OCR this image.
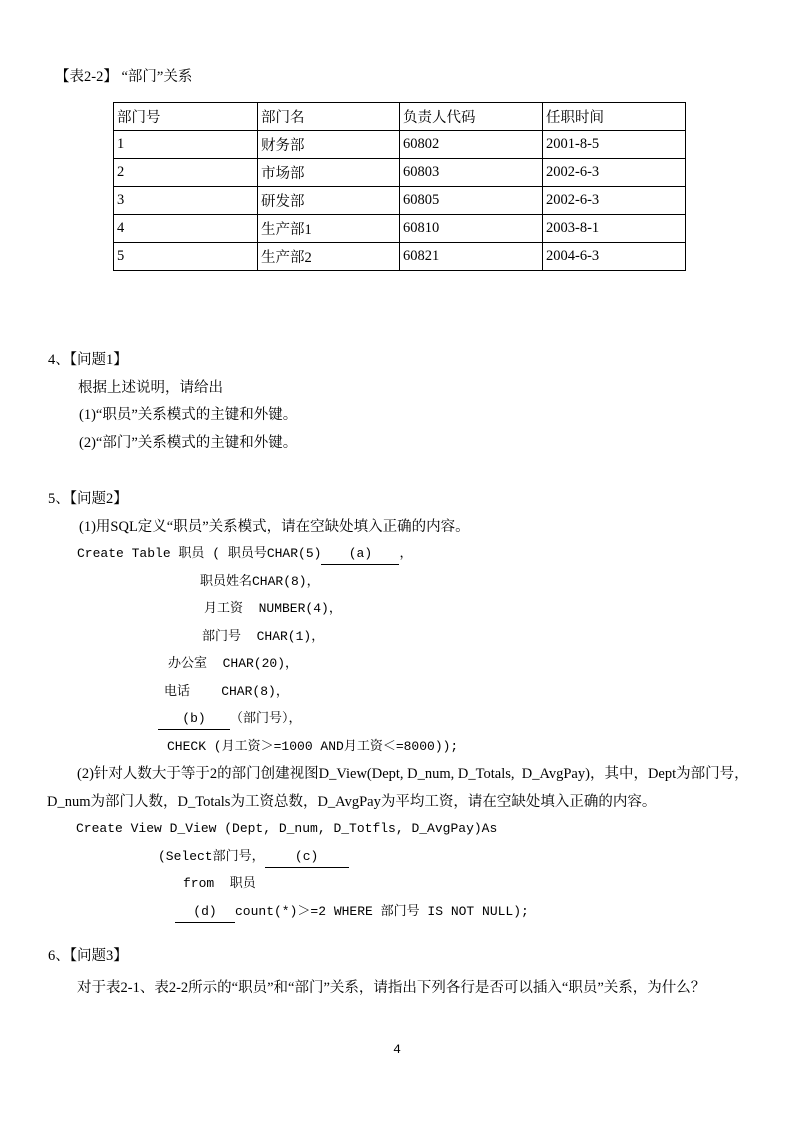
【表2-2】 “部门”关系
部门号	部门名	负责人代码	任职时间
1	财务部	60802	2001-8-5
2	市场部	60803	2002-6-3
3	研发部	60805	2002-6-3
4	生产部1	60810	2003-8-1
5	生产部2	60821	2004-6-3
4、【问题1】
根据上述说明，请给出
(1)“职员”关系模式的主键和外键。
(2)“部门”关系模式的主键和外键。
5、【问题2】
(1)用SQL定义“职员”关系模式，请在空缺处填入正确的内容。
Create Table 职员 ( 职员号CHAR(5) (a) ，
职员姓名CHAR(8)，
月工资  NUMBER(4)，
部门号  CHAR(1)，
办公室  CHAR(20)，
电话    CHAR(8)，
(b) （部门号），
CHECK (月工资＞=1000 AND月工资＜=8000));
(2)针对人数大于等于2的部门创建视图D_View(Dept, D_num, D_Totals,  D_AvgPay)，其中，Dept为部门号，
D_num为部门人数，D_Totals为工资总数，D_AvgPay为平均工资，请在空缺处填入正确的内容。
Create View D_View (Dept, D_num, D_Totfls, D_AvgPay)As
(Select部门号， (c)
from  职员
(d) count(*)＞=2 WHERE 部门号 IS NOT NULL);
6、【问题3】
对于表2-1、表2-2所示的“职员”和“部门”关系，请指出下列各行是否可以插入“职员”关系，为什么？
4
